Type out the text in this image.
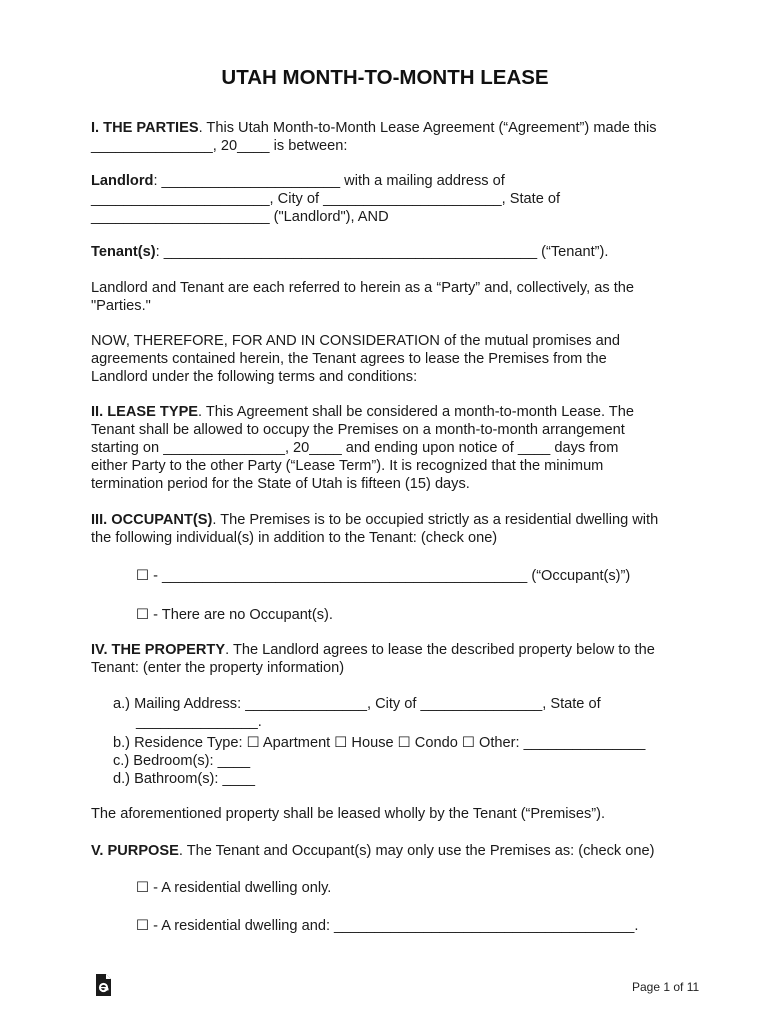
UTAH MONTH-TO-MONTH LEASE

I. THE PARTIES. This Utah Month-to-Month Lease Agreement (“Agreement”) made this
_______________, 20____ is between:

Landlord: ______________________ with a mailing address of
______________________, City of ______________________, State of
______________________ ("Landlord"), AND

Tenant(s): ______________________________________________ (“Tenant”).

Landlord and Tenant are each referred to herein as a “Party” and, collectively, as the
"Parties."

NOW, THEREFORE, FOR AND IN CONSIDERATION of the mutual promises and
agreements contained herein, the Tenant agrees to lease the Premises from the
Landlord under the following terms and conditions:

II. LEASE TYPE. This Agreement shall be considered a month-to-month Lease. The
Tenant shall be allowed to occupy the Premises on a month-to-month arrangement
starting on _______________, 20____ and ending upon notice of ____ days from
either Party to the other Party (“Lease Term”). It is recognized that the minimum
termination period for the State of Utah is fifteen (15) days.

III. OCCUPANT(S). The Premises is to be occupied strictly as a residential dwelling with
the following individual(s) in addition to the Tenant: (check one)

☐ - _____________________________________________ (“Occupant(s)”)
☐ - There are no Occupant(s).

IV. THE PROPERTY. The Landlord agrees to lease the described property below to the
Tenant: (enter the property information)

a.) Mailing Address: _______________, City of _______________, State of
_______________.
b.) Residence Type: ☐ Apartment ☐ House ☐ Condo ☐ Other: _______________
c.) Bedroom(s): ____
d.) Bathroom(s): ____

The aforementioned property shall be leased wholly by the Tenant (“Premises”).

V. PURPOSE. The Tenant and Occupant(s) may only use the Premises as: (check one)

☐ - A residential dwelling only.
☐ - A residential dwelling and: _____________________________________.
Page 1 of 11
